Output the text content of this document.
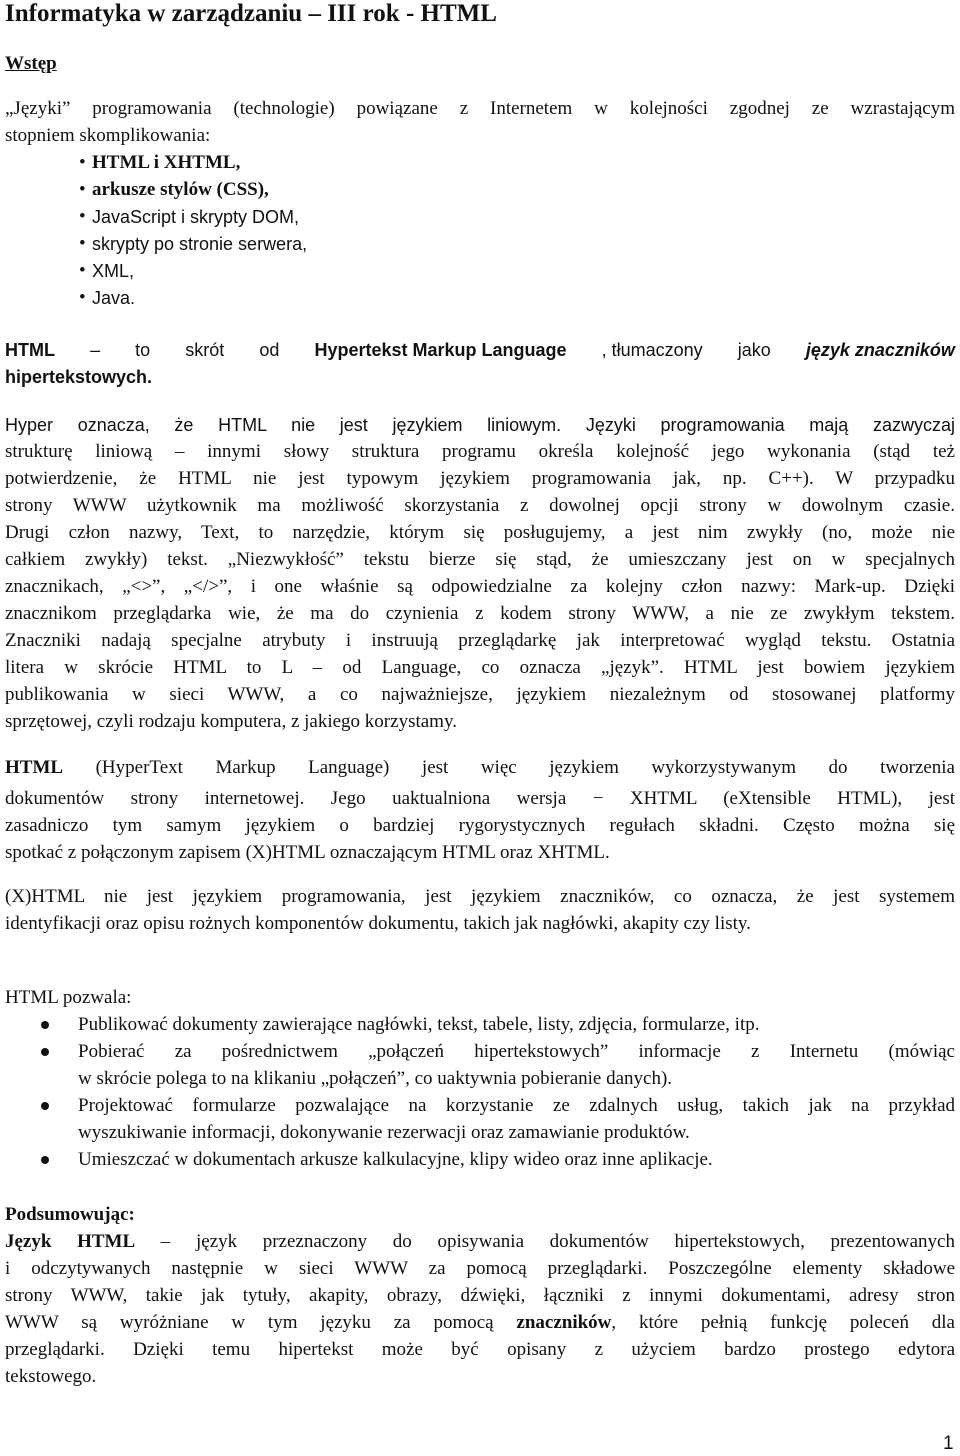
Informatyka w zarządzaniu – III rok - HTML
Wstęp
„Języki” programowania (technologie) powiązane z Internetem w kolejności zgodnej ze wzrastającym
stopniem skomplikowania:
• HTML i XHTML,
• arkusze stylów (CSS),
• JavaScript i skrypty DOM,
• skrypty po stronie serwera,
• XML,
• Java.
HTML – to skrót od Hypertekst Markup Language , tłumaczony jako język znaczników
hipertekstowych.
Hyper oznacza, że HTML nie jest językiem liniowym. Języki programowania mają zazwyczaj
strukturę liniową – innymi słowy struktura programu określa kolejność jego wykonania (stąd też
potwierdzenie, że HTML nie jest typowym językiem programowania jak, np. C++). W przypadku
strony WWW użytkownik ma możliwość skorzystania z dowolnej opcji strony w dowolnym czasie.
Drugi człon nazwy, Text, to narzędzie, którym się posługujemy, a jest nim zwykły (no, może nie
całkiem zwykły) tekst. „Niezwykłość” tekstu bierze się stąd, że umieszczany jest on w specjalnych
znacznikach, „<>”, „</>”, i one właśnie są odpowiedzialne za kolejny człon nazwy: Mark-up. Dzięki
znacznikom przeglądarka wie, że ma do czynienia z kodem strony WWW, a nie ze zwykłym tekstem.
Znaczniki nadają specjalne atrybuty i instruują przeglądarkę jak interpretować wygląd tekstu. Ostatnia
litera w skrócie HTML to L – od Language, co oznacza „język”. HTML jest bowiem językiem
publikowania w sieci WWW, a co najważniejsze, językiem niezależnym od stosowanej platformy
sprzętowej, czyli rodzaju komputera, z jakiego korzystamy.
HTML (HyperText Markup Language) jest więc językiem wykorzystywanym do tworzenia
dokumentów strony internetowej. Jego uaktualniona wersja − XHTML (eXtensible HTML), jest
zasadniczo tym samym językiem o bardziej rygorystycznych regułach składni. Często można się
spotkać z połączonym zapisem (X)HTML oznaczającym HTML oraz XHTML.
(X)HTML nie jest językiem programowania, jest językiem znaczników, co oznacza, że jest systemem
identyfikacji oraz opisu rożnych komponentów dokumentu, takich jak nagłówki, akapity czy listy.
HTML pozwala:
Publikować dokumenty zawierające nagłówki, tekst, tabele, listy, zdjęcia, formularze, itp.
Pobierać za pośrednictwem „połączeń hipertekstowych” informacje z Internetu (mówiąc
w skrócie polega to na klikaniu „połączeń”, co uaktywnia pobieranie danych).
Projektować formularze pozwalające na korzystanie ze zdalnych usług, takich jak na przykład
wyszukiwanie informacji, dokonywanie rezerwacji oraz zamawianie produktów.
Umieszczać w dokumentach arkusze kalkulacyjne, klipy wideo oraz inne aplikacje.
Podsumowując:
Język HTML – język przeznaczony do opisywania dokumentów hipertekstowych, prezentowanych
i odczytywanych następnie w sieci WWW za pomocą przeglądarki. Poszczególne elementy składowe
strony WWW, takie jak tytuły, akapity, obrazy, dźwięki, łączniki z innymi dokumentami, adresy stron
WWW są wyróżniane w tym języku za pomocą znaczników, które pełnią funkcję poleceń dla
przeglądarki. Dzięki temu hipertekst może być opisany z użyciem bardzo prostego edytora
tekstowego.
1
